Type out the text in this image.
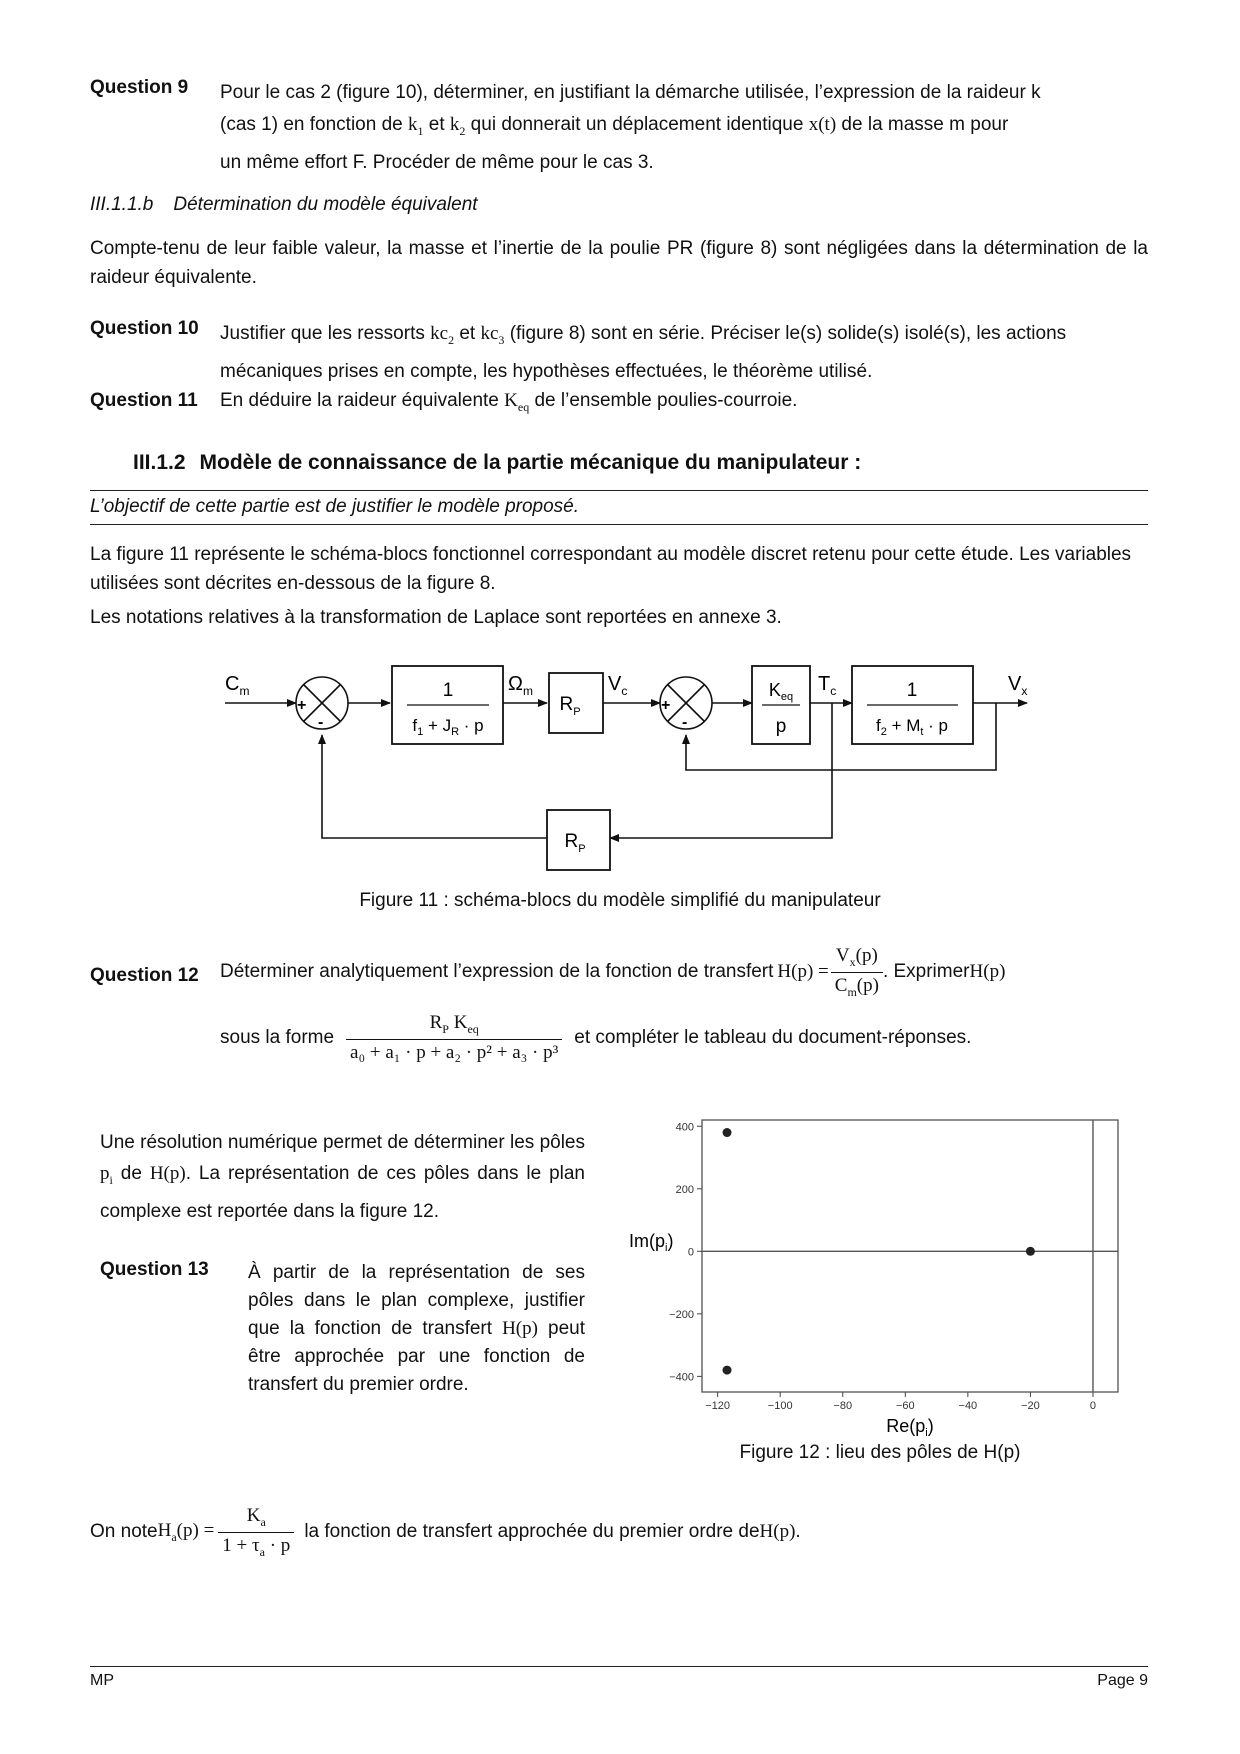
Question 9 Pour le cas 2 (figure 10), déterminer, en justifiant la démarche utilisée, l’expression de la raideur k
(cas 1) en fonction de $k_1$ et $k_2$ qui donnerait un déplacement identique x(t) de la masse m pour
un même effort F. Procéder de même pour le cas 3.
III.1.1.b Détermination du modèle équivalent
Compte-tenu de leur faible valeur, la masse et l’inertie de la poulie PR (figure 8) sont négligées dans la détermination de la raideur équivalente.
Question 10 Justifier que les ressorts $kc_2$ et $kc_3$ (figure 8) sont en série. Préciser le(s) solide(s) isolé(s), les actions
mécaniques prises en compte, les hypothèses effectuées, le théorème utilisé.
Question 11 En déduire la raideur équivalente $K_{eq}$ de l’ensemble poulies-courroie.
III.1.2 Modèle de connaissance de la partie mécanique du manipulateur :
L’objectif de cette partie est de justifier le modèle proposé.
La figure 11 représente le schéma-blocs fonctionnel correspondant au modèle discret retenu pour cette étude. Les variables utilisées sont décrites en-dessous de la figure 8.
Les notations relatives à la transformation de Laplace sont reportées en annexe 3.
$C_m$	$\Omega_m$	$V_c$	$T_c$	$V_x$
+
-
+
-
1
$f_1 + J_R \cdot p$
$R_P$
$K_{eq}$
p
1
$f_2 + M_t \cdot p$
$R_P$
Figure 11 : schéma-blocs du modèle simplifié du manipulateur
Question 12 Déterminer analytiquement l’expression de la fonction de transfert $H(p) = \frac{V_x(p)}{C_m(p)}$ . Exprimer H(p)
sous la forme $\frac{R_P K_{eq}}{\text{a₀ + a₁ · p + a₂ · p² + a₃ · p³}}$ et compléter le tableau du document-réponses.
Une résolution numérique permet de déterminer les pôles $p_i$ de H(p). La représentation de ces pôles dans le plan complexe est reportée dans la figure 12.
Question 13 À partir de la représentation de ses pôles dans le plan complexe, justifier que la fonction de transfert H(p) peut être approchée par une fonction de transfert du premier ordre.
−120	−100	−80	−60	−40	−20	0
400
200
0
−200
−400
$Re(p_i)$
$Im(p_i)$
Figure 12 : lieu des pôles de H(p)
On note $H_a(p) = \frac{K_a}{1 + \tau_a \cdot p}$ la fonction de transfert approchée du premier ordre de H(p) .
MP	Page 9
